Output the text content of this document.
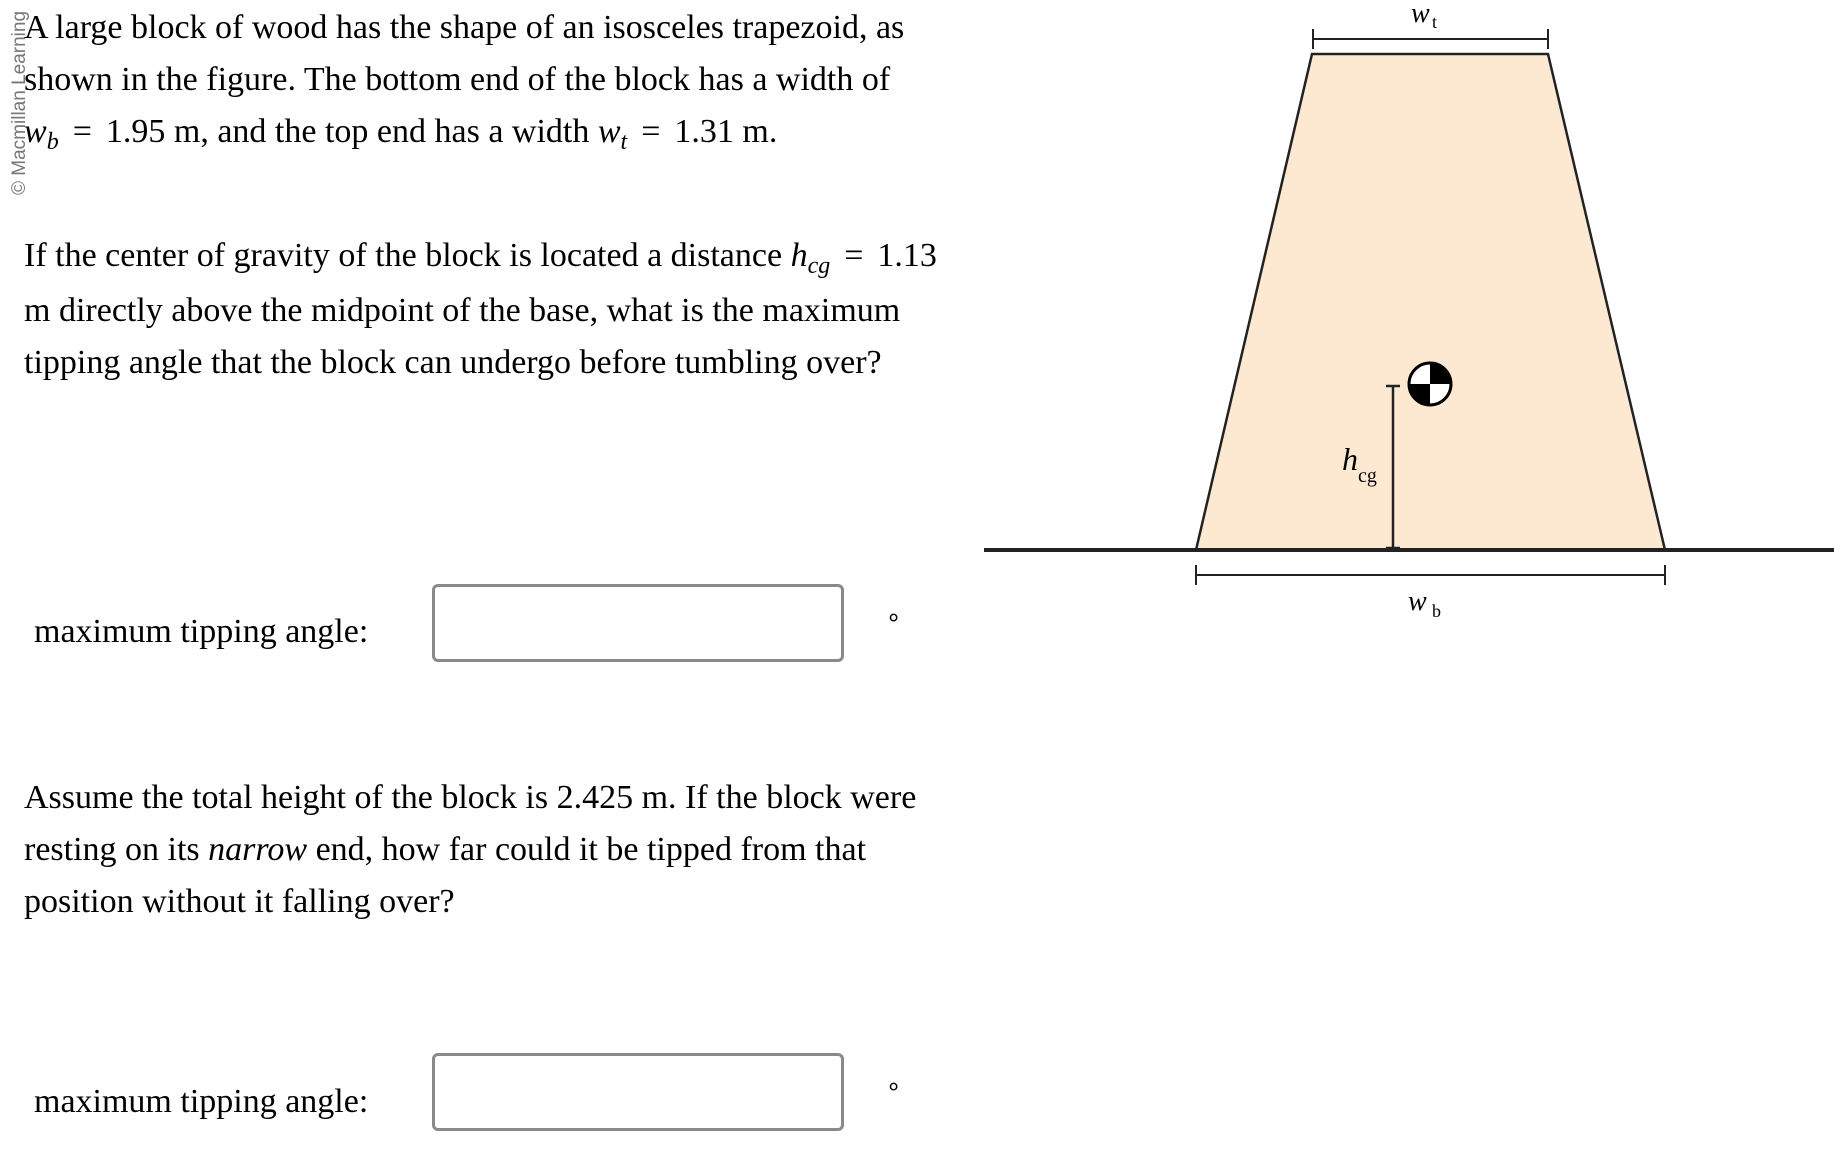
© Macmillan Learning
A large block of wood has the shape of an isosceles trapezoid, as shown in the figure. The bottom end of the block has a width of $w_b = 1.95$ m, and the top end has a width $w_t = 1.31$ m.
If the center of gravity of the block is located a distance $h_{cg} = 1.13$ m directly above the midpoint of the base, what is the maximum tipping angle that the block can undergo before tumbling over?
maximum tipping angle:	°
Assume the total height of the block is 2.425 m. If the block were resting on its narrow end, how far could it be tipped from that position without it falling over?
maximum tipping angle:	°
w t
w b
h cg
